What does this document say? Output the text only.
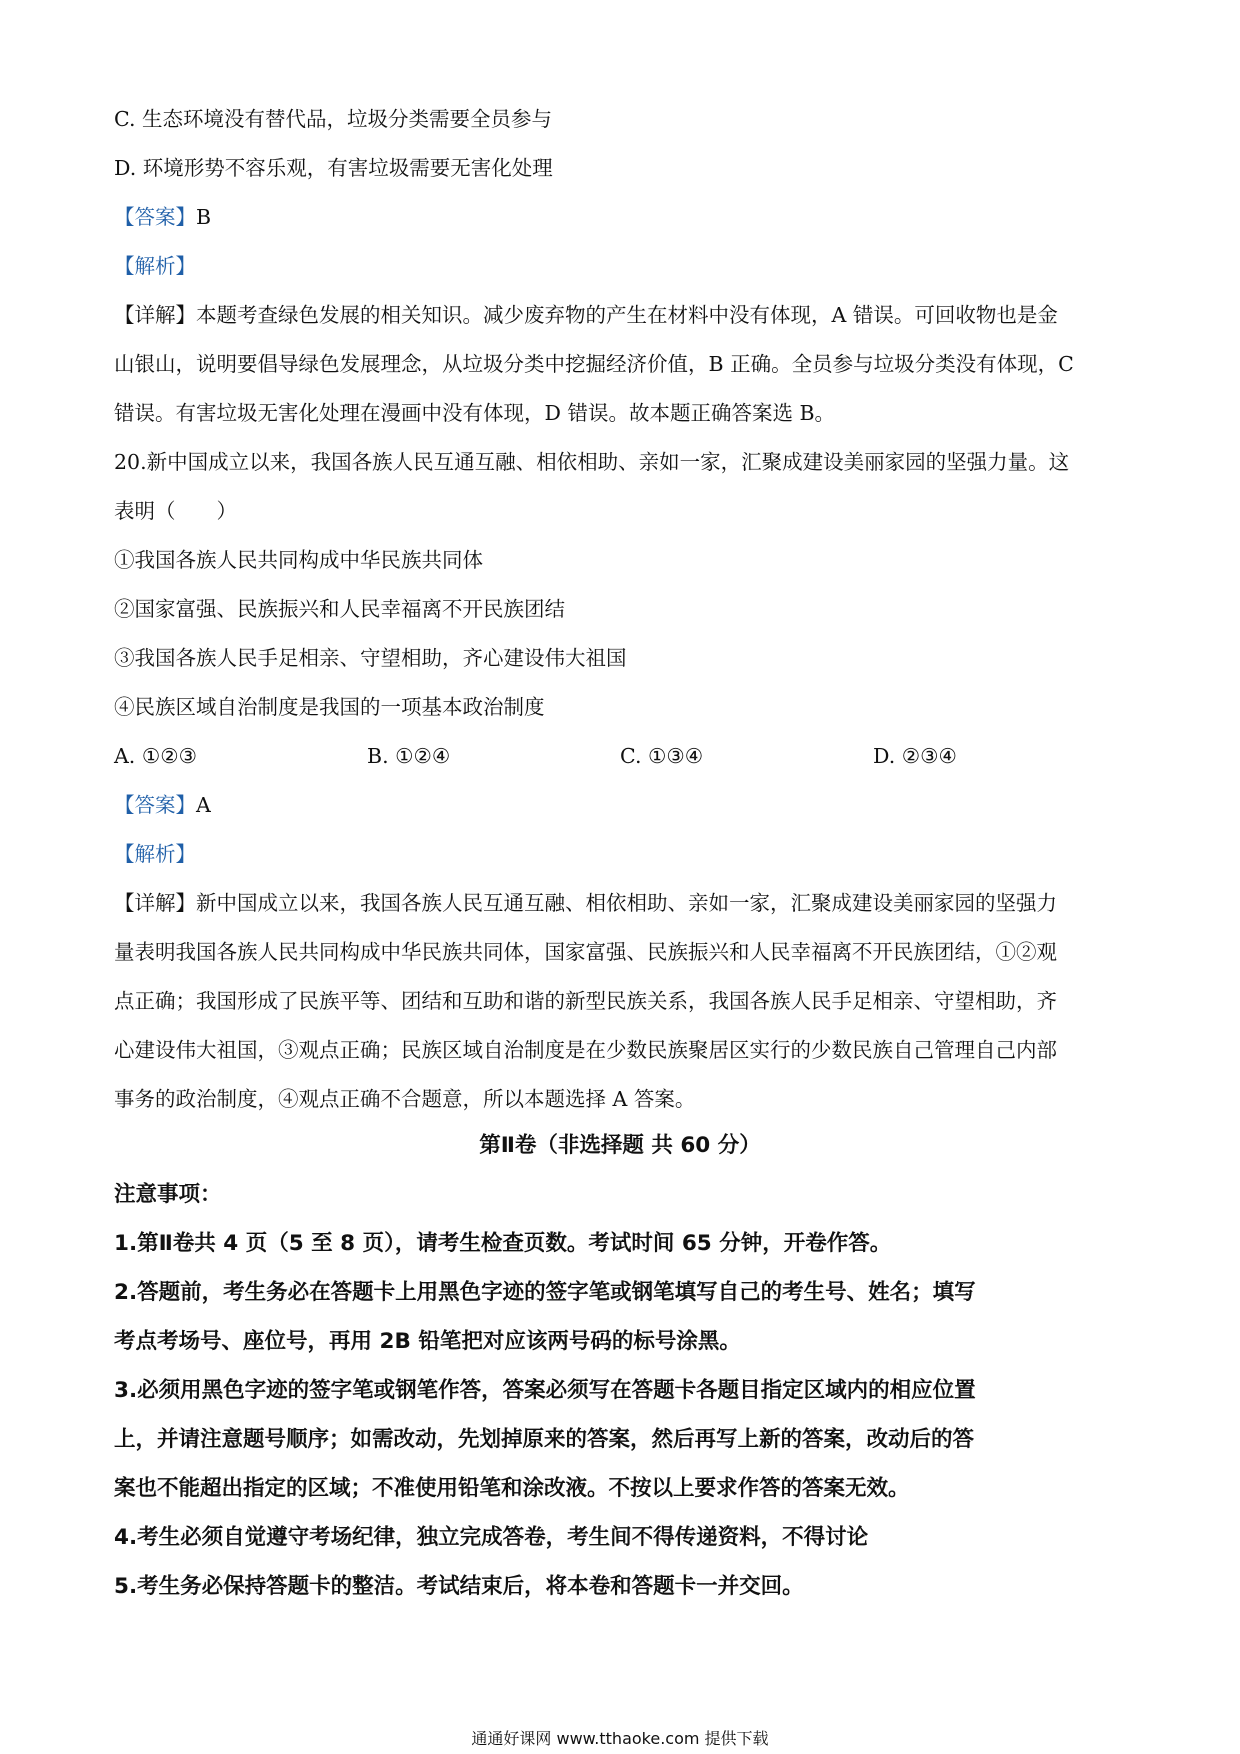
C. 生态环境没有替代品，垃圾分类需要全员参与
D. 环境形势不容乐观，有害垃圾需要无害化处理
【答案】B
【解析】
【详解】本题考查绿色发展的相关知识。减少废弃物的产生在材料中没有体现，A 错误。可回收物也是金
山银山，说明要倡导绿色发展理念，从垃圾分类中挖掘经济价值，B 正确。全员参与垃圾分类没有体现，C
错误。有害垃圾无害化处理在漫画中没有体现，D 错误。故本题正确答案选 B。
20.新中国成立以来，我国各族人民互通互融、相依相助、亲如一家，汇聚成建设美丽家园的坚强力量。这
表明（　　）
①我国各族人民共同构成中华民族共同体
②国家富强、民族振兴和人民幸福离不开民族团结
③我国各族人民手足相亲、守望相助，齐心建设伟大祖国
④民族区域自治制度是我国的一项基本政治制度
A. ①②③	B. ①②④	C. ①③④	D. ②③④
【答案】A
【解析】
【详解】新中国成立以来，我国各族人民互通互融、相依相助、亲如一家，汇聚成建设美丽家园的坚强力
量表明我国各族人民共同构成中华民族共同体，国家富强、民族振兴和人民幸福离不开民族团结，①②观
点正确；我国形成了民族平等、团结和互助和谐的新型民族关系，我国各族人民手足相亲、守望相助，齐
心建设伟大祖国，③观点正确；民族区域自治制度是在少数民族聚居区实行的少数民族自己管理自己内部
事务的政治制度，④观点正确不合题意，所以本题选择 A 答案。
第Ⅱ卷（非选择题 共 60 分）
注意事项：
1.第Ⅱ卷共 4 页（5 至 8 页），请考生检查页数。考试时间 65 分钟，开卷作答。
2.答题前，考生务必在答题卡上用黑色字迹的签字笔或钢笔填写自己的考生号、姓名；填写
考点考场号、座位号，再用 2B 铅笔把对应该两号码的标号涂黑。
3.必须用黑色字迹的签字笔或钢笔作答，答案必须写在答题卡各题目指定区域内的相应位置
上，并请注意题号顺序；如需改动，先划掉原来的答案，然后再写上新的答案，改动后的答
案也不能超出指定的区域；不准使用铅笔和涂改液。不按以上要求作答的答案无效。
4.考生必须自觉遵守考场纪律，独立完成答卷，考生间不得传递资料，不得讨论
5.考生务必保持答题卡的整洁。考试结束后，将本卷和答题卡一并交回。
通通好课网 www.tthaoke.com 提供下载
